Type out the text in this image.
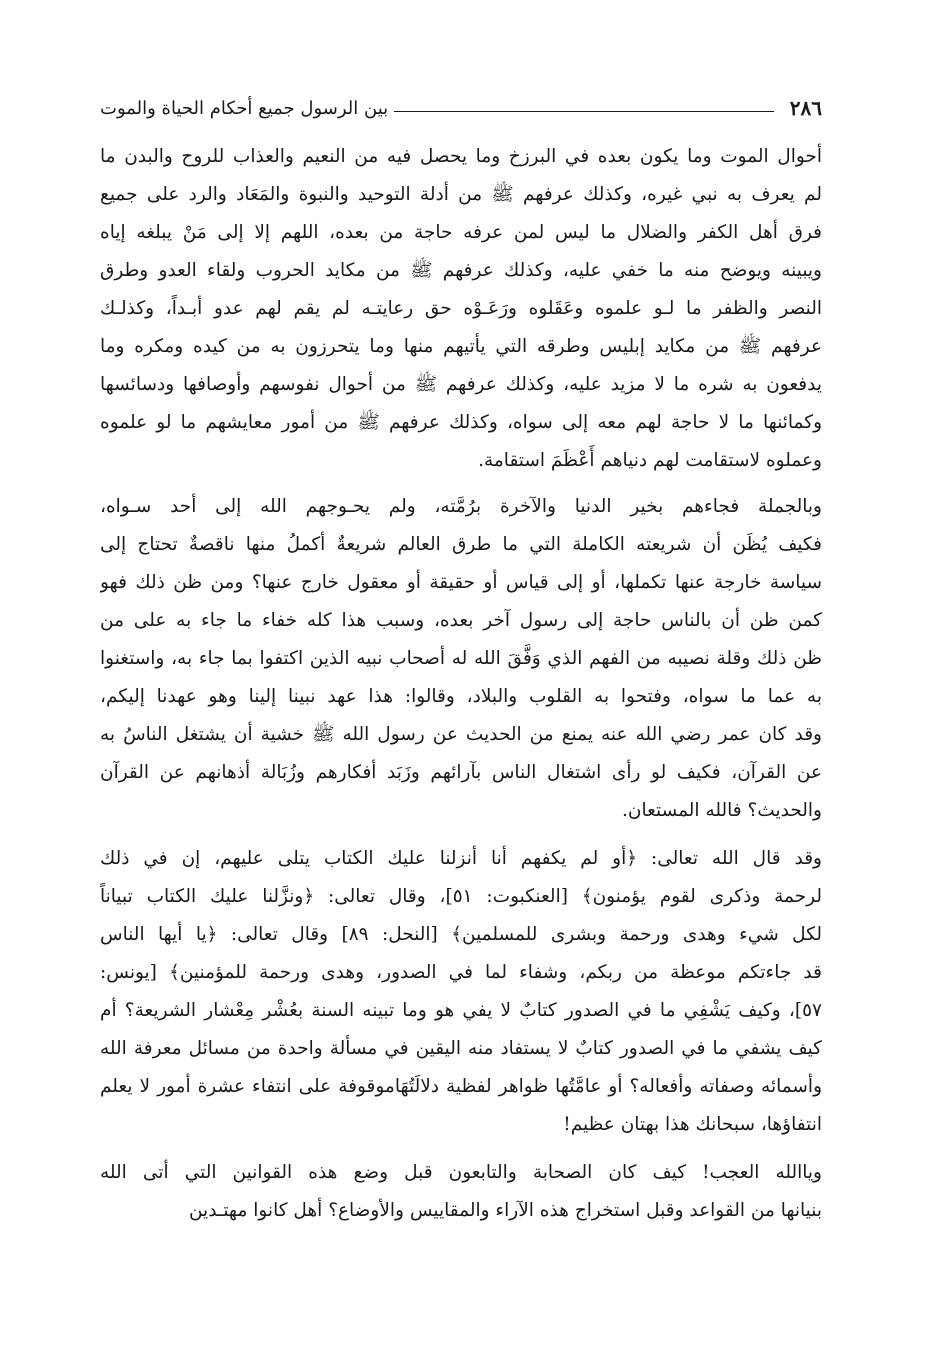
٢٨٦
بين الرسول جميع أحكام الحياة والموت
أحوال الموت وما يكون بعده في البرزخ وما يحصل فيه من النعيم والعذاب للروح والبدن ما
لم يعرف به نبي غيره، وكذلك عرفهم ﷺ من أدلة التوحيد والنبوة والمَعَاد والرد على جميع
فرق أهل الكفر والضلال ما ليس لمن عرفه حاجة من بعده، اللهم إلا إلى مَنْ يبلغه إياه
ويبينه ويوضح منه ما خفي عليه، وكذلك عرفهم ﷺ من مكايد الحروب ولقاء العدو وطرق
النصر والظفر ما لـو علموه وعَقَلوه ورَعَـوْه حق رعايتـه لم يقم لهم عدو أبـداً، وكذلـك
عرفهم ﷺ من مكايد إبليس وطرقه التي يأتيهم منها وما يتحرزون به من كيده ومكره وما
يدفعون به شره ما لا مزيد عليه، وكذلك عرفهم ﷺ من أحوال نفوسهم وأوصافها ودسائسها
وكمائنها ما لا حاجة لهم معه إلى سواه، وكذلك عرفهم ﷺ من أمور معايشهم ما لو علموه
وعملوه لاستقامت لهم دنياهم أَعْظَمَ استقامة.
وبالجملة فجاءهم بخير الدنيا والآخرة برُمَّته، ولم يحـوجهم الله إلى أحد سـواه،
فكيف يُظَن أن شريعته الكاملة التي ما طرق العالم شريعةٌ أكملُ منها ناقصةٌ تحتاج إلى
سياسة خارجة عنها تكملها، أو إلى قياس أو حقيقة أو معقول خارج عنها؟ ومن ظن ذلك فهو
كمن ظن أن بالناس حاجة إلى رسول آخر بعده، وسبب هذا كله خفاء ما جاء به على من
ظن ذلك وقلة نصيبه من الفهم الذي وَفَّقَ الله له أصحاب نبيه الذين اكتفوا بما جاء به، واستغنوا
به عما ما سواه، وفتحوا به القلوب والبلاد، وقالوا: هذا عهد نبينا إلينا وهو عهدنا إليكم،
وقد كان عمر رضي الله عنه يمنع من الحديث عن رسول الله ﷺ خشية أن يشتغل الناسُ به
عن القرآن، فكيف لو رأى اشتغال الناس بآرائهم وزَبَد أفكارهم وزُبَالة أذهانهم عن القرآن
والحديث؟ فالله المستعان.
وقد قال الله تعالى: ﴿أو لم يكفهم أنا أنزلنا عليك الكتاب يتلى عليهم، إن في ذلك
لرحمة وذكرى لقوم يؤمنون﴾ [العنكبوت: ٥١]، وقال تعالى: ﴿ونزَّلنا عليك الكتاب تبياناً
لكل شيء وهدى ورحمة وبشرى للمسلمين﴾ [النحل: ٨٩] وقال تعالى: ﴿يا أيها الناس
قد جاءتكم موعظة من ربكم، وشفاء لما في الصدور، وهدى ورحمة للمؤمنين﴾ [يونس:
٥٧]، وكيف يَشْفِي ما في الصدور كتابٌ لا يفي هو وما تبينه السنة بعُشْر مِعْشار الشريعة؟ أم
كيف يشفي ما في الصدور كتابٌ لا يستفاد منه اليقين في مسألة واحدة من مسائل معرفة الله
وأسمائه وصفاته وأفعاله؟ أو عامَّتُها ظواهر لفظية دلالَتُهَاموقوفة على انتفاء عشرة أمور لا يعلم
انتفاؤها، سبحانك هذا بهتان عظيم!
وياالله العجب! كيف كان الصحابة والتابعون قبل وضع هذه القوانين التي أتى الله
بنيانها من القواعد وقبل استخراج هذه الآراء والمقاييس والأوضاع؟ أهل كانوا مهتـدين
